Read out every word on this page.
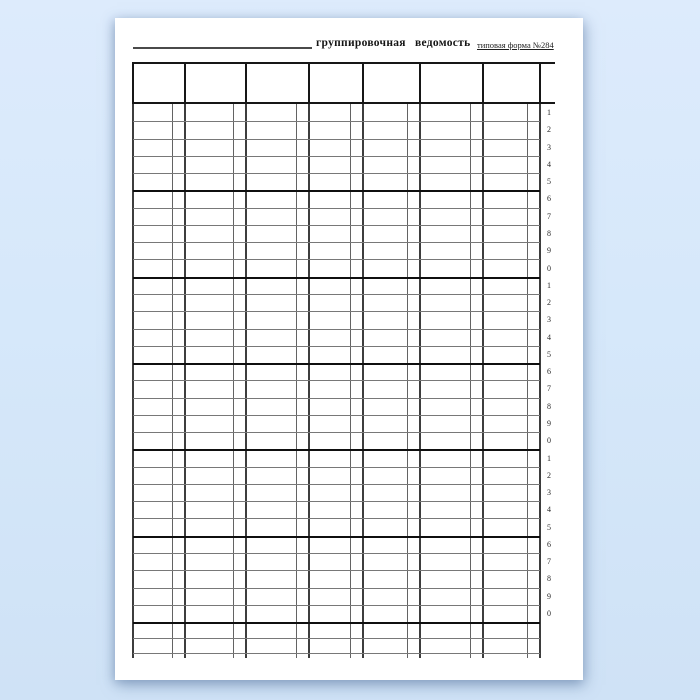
группировочная ведомость типовая форма №284
1
2
3
4
5
6
7
8
9
0
1
2
3
4
5
6
7
8
9
0
1
2
3
4
5
6
7
8
9
0
